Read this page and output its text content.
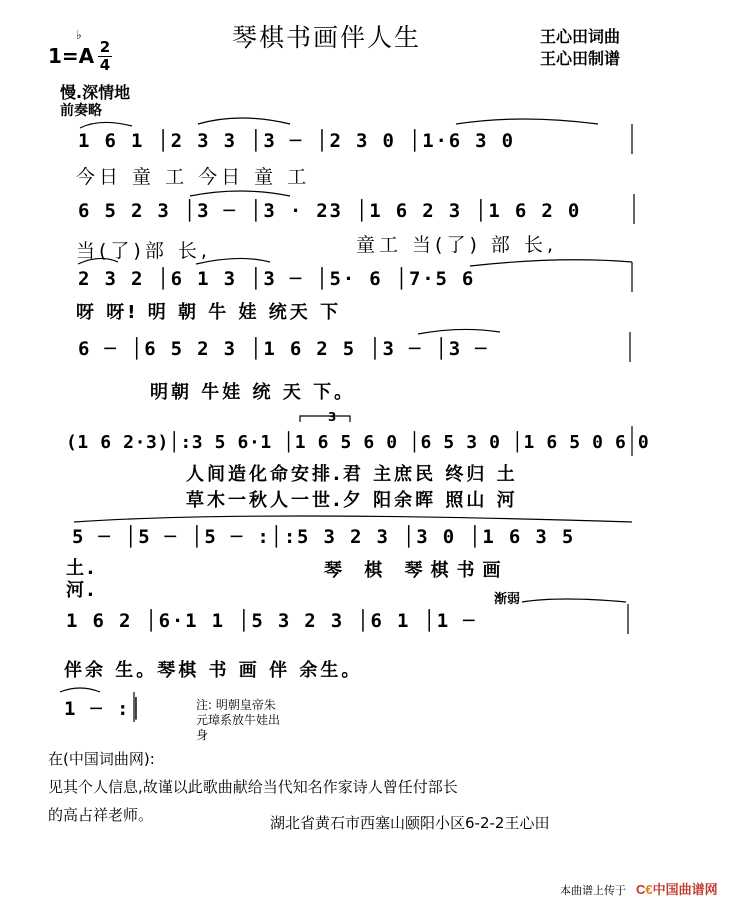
琴棋书画伴人生	王心田词曲
王心田制谱
♭
1=A 2
4
慢.深情地
前奏略
1 6 1 │2 3 3 │3 ─ │2 3 0 │1·6 3 0
今日 童 工 今日 童 工
6 5 2 3 │3 ─ │3 · 23 │1 6 2 3 │1 6 2 0
当(了)部 长,	童工 当(了) 部 长,
2 3 2 │6 1 3 │3 ─ │5· 6 │7·5 6
呀 呀! 明 朝 牛 娃 统天 下
6 ─ │6 5 2 3 │1 6 2 5 │3 ─ │3 ─
明朝 牛娃 统 天 下。
3
(1 6 2·3)│:3 5 6·1 │1 6 5 6 0 │6 5 3 0 │1 6 5 0 6 0
人间造化命安排.君 主庶民 终归 土
草木一秋人一世.夕 阳余晖 照山 河
5 ─ │5 ─ │5 ─ :│:5 3 2 3 │3 0 │1 6 3 5
土.
河.
琴 棋 琴棋书画
渐弱
1 6 2 │6·1 1 │5 3 2 3 │6 1 │1 ─
伴余 生。琴棋 书 画 伴 余生。
1 ─ :│	注: 明朝皇帝朱
元璋系放牛娃出
身
在(中国词曲网):
见其个人信息,故谨以此歌曲献给当代知名作家诗人曾任付部长
的高占祥老师。	湖北省黄石市西塞山颐阳小区6-2-2王心田
本曲谱上传于 C€中国曲谱网
